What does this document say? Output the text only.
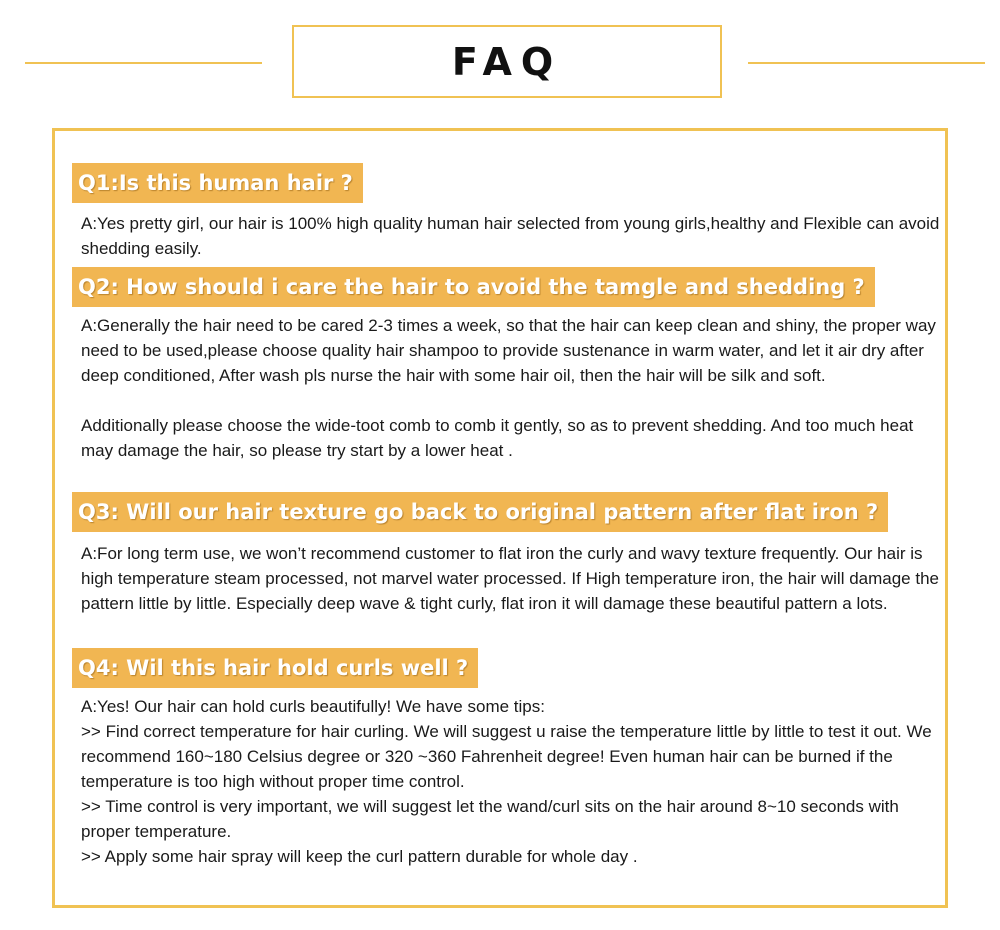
FAQ
Q1:Is this human hair ?

A:Yes pretty girl, our hair is 100% high quality human hair selected from young girls,healthy and Flexible can avoid shedding easily.

Q2: How should i care the hair to avoid the tamgle and shedding ?

A:Generally the hair need to be cared 2-3 times a week, so that the hair can keep clean and shiny, the proper way need to be used,please choose quality hair shampoo to provide sustenance in warm water, and let it air dry after deep conditioned, After wash pls nurse the hair with some hair oil, then the hair will be silk and soft.

Additionally please choose the wide-toot comb to comb it gently, so as to prevent shedding. And too much heat may damage the hair, so please try start by a lower heat .

Q3: Will our hair texture go back to original pattern after flat iron ?

A:For long term use, we won’t recommend customer to flat iron the curly and wavy texture frequently. Our hair is high temperature steam processed, not marvel water processed. If High temperature iron, the hair will damage the pattern little by little. Especially deep wave & tight curly, flat iron it will damage these beautiful pattern a lots.

Q4: Wil this hair hold curls well ?

A:Yes! Our hair can hold curls beautifully! We have some tips:

>> Find correct temperature for hair curling. We will suggest u raise the temperature little by little to test it out. We recommend 160~180 Celsius degree or 320 ~360 Fahrenheit degree! Even human hair can be burned if the temperature is too high without proper time control.

>> Time control is very important, we will suggest let the wand/curl sits on the hair around 8~10 seconds with proper temperature.

>> Apply some hair spray will keep the curl pattern durable for whole day .
